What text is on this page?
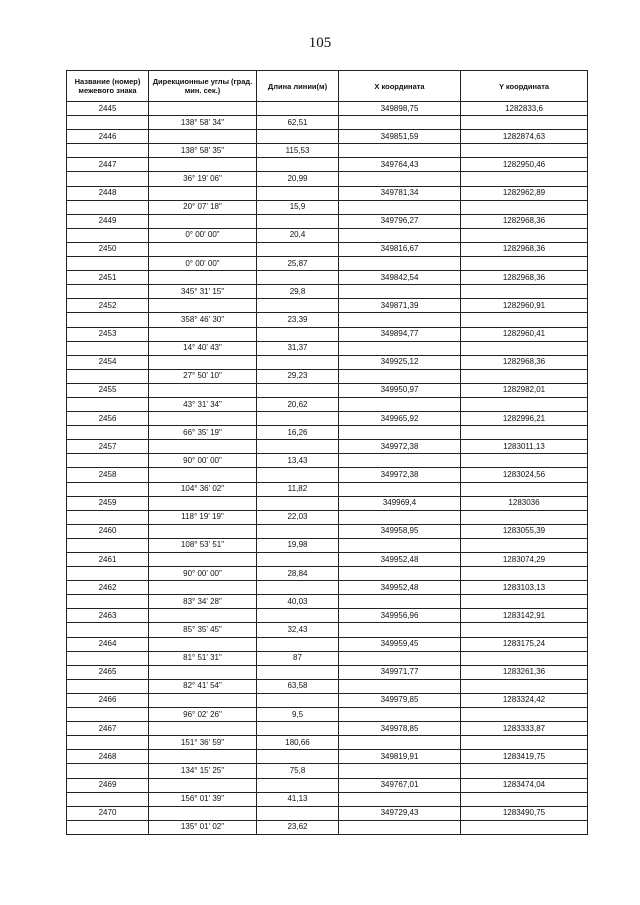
105
Название (номер) межевого знака	Дирекционные углы (град. мин. сек.)	Длина линии(м)	X координата	Y координата
2445			349898,75	1282833,6
	138° 58' 34"	62,51		
2446			349851,59	1282874,63
	138° 58' 35"	115,53		
2447			349764,43	1282950,46
	36° 19' 06"	20,99		
2448			349781,34	1282962,89
	20° 07' 18"	15,9		
2449			349796,27	1282968,36
	0° 00' 00"	20,4		
2450			349816,67	1282968,36
	0° 00' 00"	25,87		
2451			349842,54	1282968,36
	345° 31' 15"	29,8		
2452			349871,39	1282960,91
	358° 46' 30"	23,39		
2453			349894,77	1282960,41
	14° 40' 43"	31,37		
2454			349925,12	1282968,36
	27° 50' 10"	29,23		
2455			349950,97	1282982,01
	43° 31' 34"	20,62		
2456			349965,92	1282996,21
	66° 35' 19"	16,26		
2457			349972,38	1283011,13
	90° 00' 00"	13,43		
2458			349972,38	1283024,56
	104° 36' 02"	11,82		
2459			349969,4	1283036
	118° 19' 19"	22,03		
2460			349958,95	1283055,39
	108° 53' 51"	19,98		
2461			349952,48	1283074,29
	90° 00' 00"	28,84		
2462			349952,48	1283103,13
	83° 34' 28"	40,03		
2463			349956,96	1283142,91
	85° 35' 45"	32,43		
2464			349959,45	1283175,24
	81° 51' 31"	87		
2465			349971,77	1283261,36
	82° 41' 54"	63,58		
2466			349979,85	1283324,42
	96° 02' 26"	9,5		
2467			349978,85	1283333,87
	151° 36' 59"	180,66		
2468			349819,91	1283419,75
	134° 15' 25"	75,8		
2469			349767,01	1283474,04
	156° 01' 39"	41,13		
2470			349729,43	1283490,75
	135° 01' 02"	23,62		
